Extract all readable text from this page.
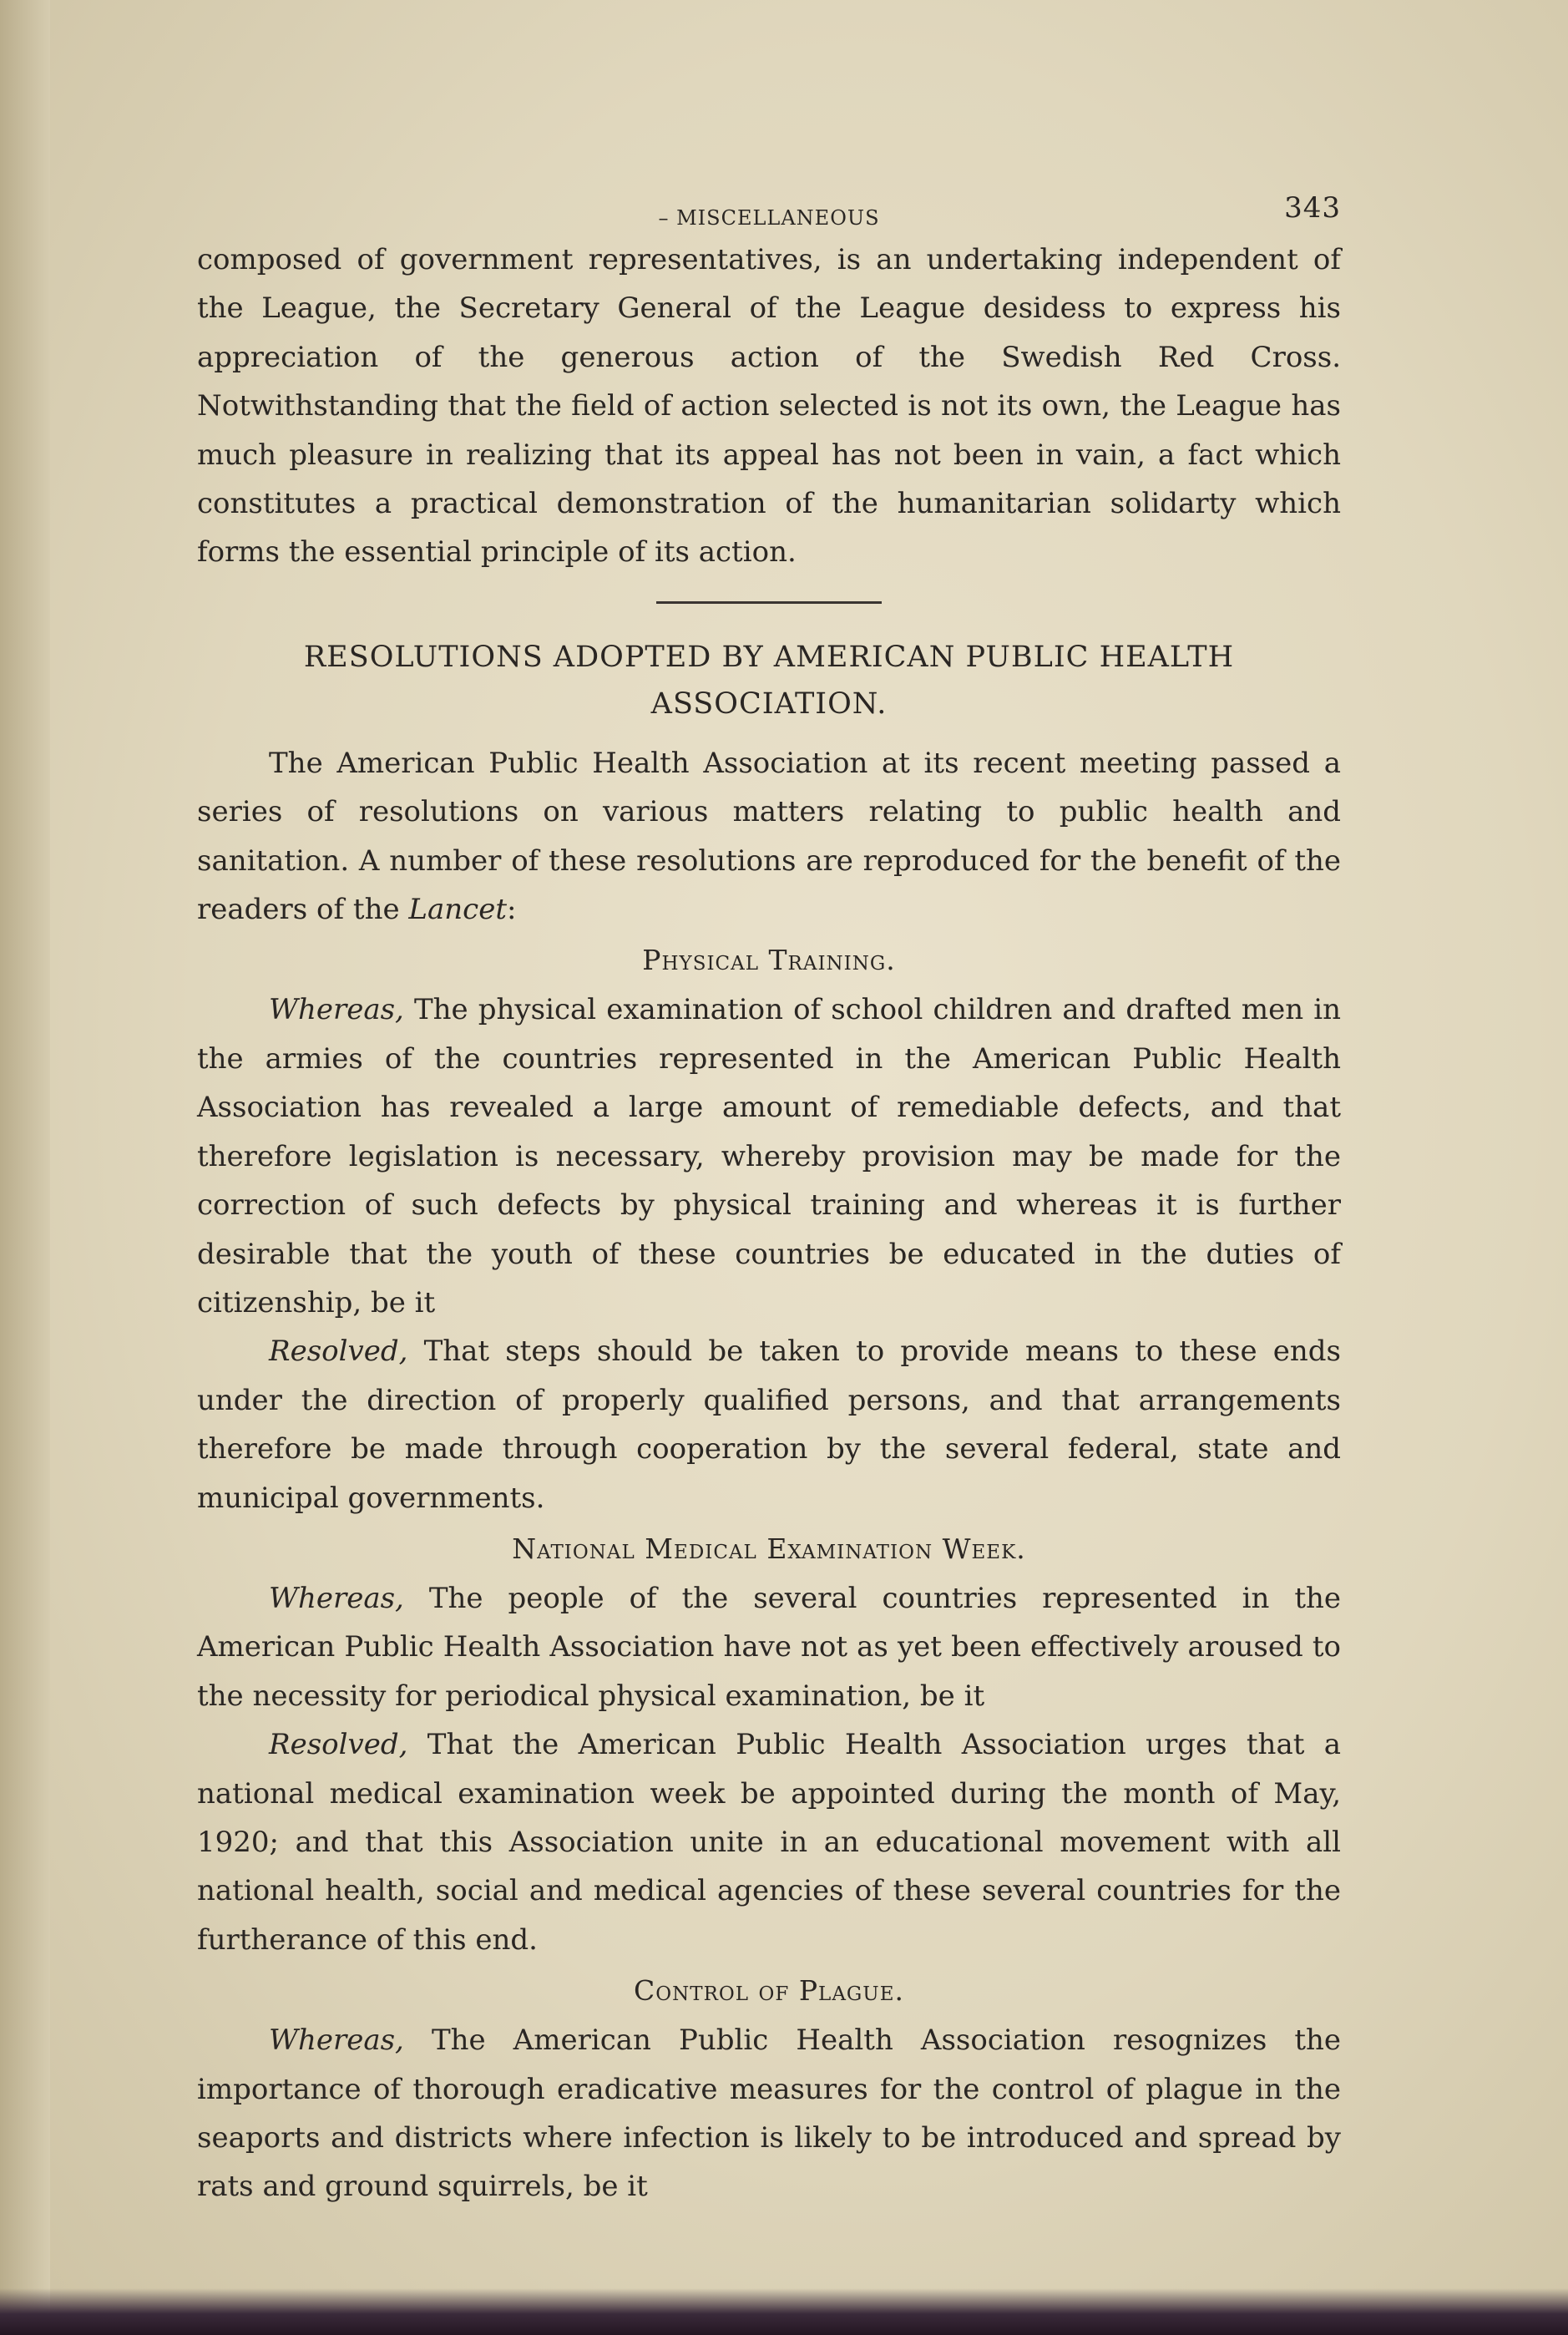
– MISCELLANEOUS	343

composed of government representatives, is an undertaking independent of the League, the Secretary General of the League desidess to express his appreciation of the generous action of the Swedish Red Cross. Notwithstanding that the field of action selected is not its own, the League has much pleasure in realizing that its appeal has not been in vain, a fact which constitutes a practical demonstration of the humanitarian solidarty which forms the essential principle of its action.

RESOLUTIONS ADOPTED BY AMERICAN PUBLIC HEALTH
ASSOCIATION.

The American Public Health Association at its recent meeting passed a series of resolutions on various matters relating to public health and sanitation. A number of these resolutions are reproduced for the benefit of the readers of the Lancet:

Physical Training.

Whereas, The physical examination of school children and drafted men in the armies of the countries represented in the American Public Health Association has revealed a large amount of remediable defects, and that therefore legislation is necessary, whereby provision may be made for the correction of such defects by physical training and whereas it is further desirable that the youth of these countries be educated in the duties of citizenship, be it

Resolved, That steps should be taken to provide means to these ends under the direction of properly qualified persons, and that arrangements therefore be made through cooperation by the several federal, state and municipal governments.

National Medical Examination Week.

Whereas, The people of the several countries represented in the American Public Health Association have not as yet been effectively aroused to the necessity for periodical physical examination, be it

Resolved, That the American Public Health Association urges that a national medical examination week be appointed during the month of May, 1920; and that this Association unite in an educational movement with all national health, social and medical agencies of these several countries for the furtherance of this end.

Control of Plague.

Whereas, The American Public Health Association resognizes the importance of thorough eradicative measures for the control of plague in the seaports and districts where infection is likely to be introduced and spread by rats and ground squirrels, be it
